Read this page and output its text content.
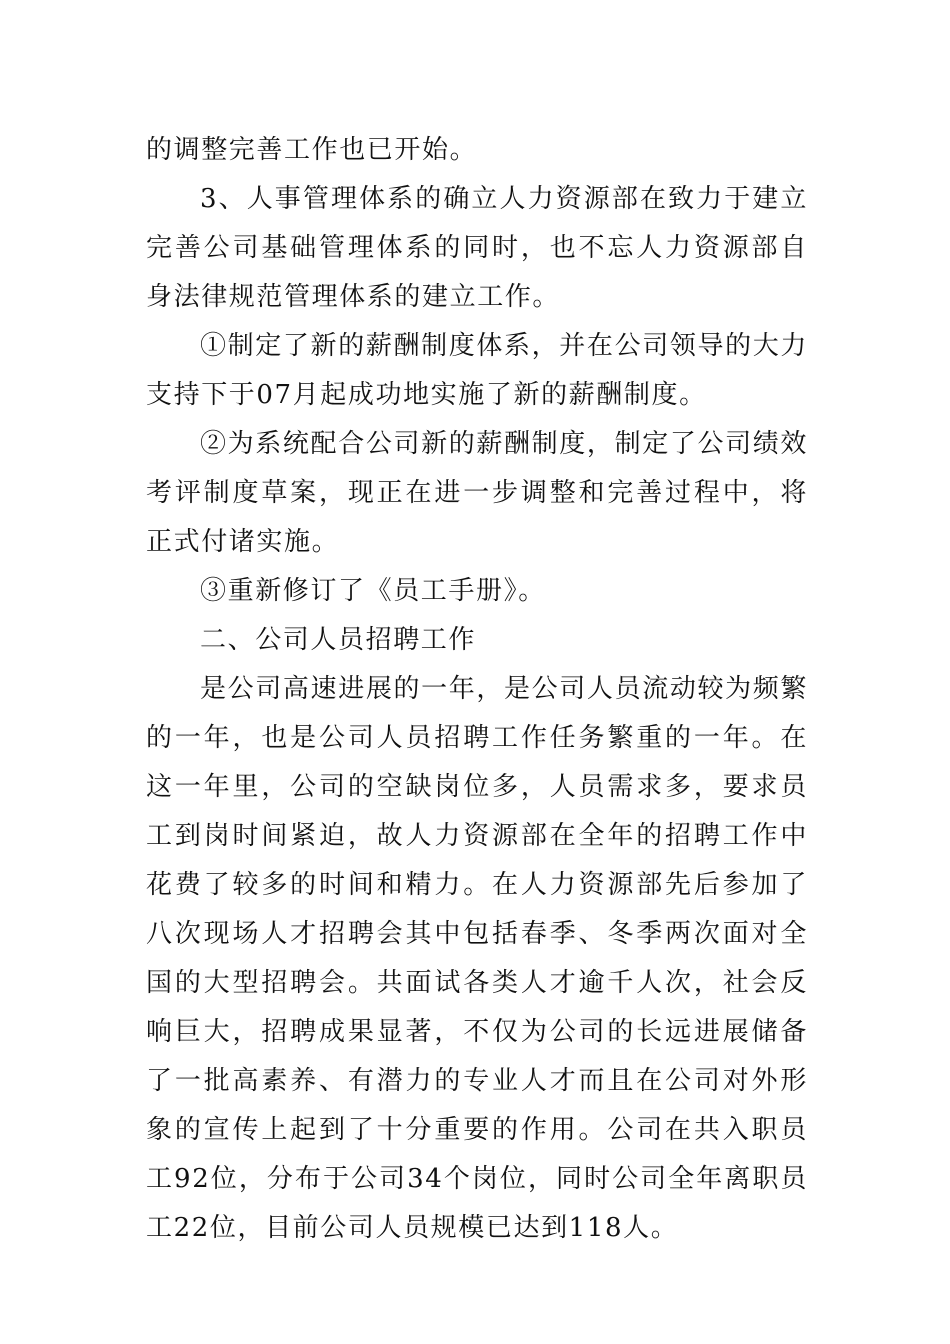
的调整完善工作也已开始。

3、人事管理体系的确立人力资源部在致力于建立完善公司基础管理体系的同时，也不忘人力资源部自身法律规范管理体系的建立工作。

①制定了新的薪酬制度体系，并在公司领导的大力支持下于07月起成功地实施了新的薪酬制度。

②为系统配合公司新的薪酬制度，制定了公司绩效考评制度草案，现正在进一步调整和完善过程中，将正式付诸实施。

③重新修订了《员工手册》。

二、公司人员招聘工作

是公司高速进展的一年，是公司人员流动较为频繁的一年，也是公司人员招聘工作任务繁重的一年。在这一年里，公司的空缺岗位多，人员需求多，要求员工到岗时间紧迫，故人力资源部在全年的招聘工作中花费了较多的时间和精力。在人力资源部先后参加了八次现场人才招聘会其中包括春季、冬季两次面对全国的大型招聘会。共面试各类人才逾千人次，社会反响巨大，招聘成果显著，不仅为公司的长远进展储备了一批高素养、有潜力的专业人才而且在公司对外形象的宣传上起到了十分重要的作用。公司在共入职员工92位，分布于公司34个岗位，同时公司全年离职员工22位，目前公司人员规模已达到118人。
